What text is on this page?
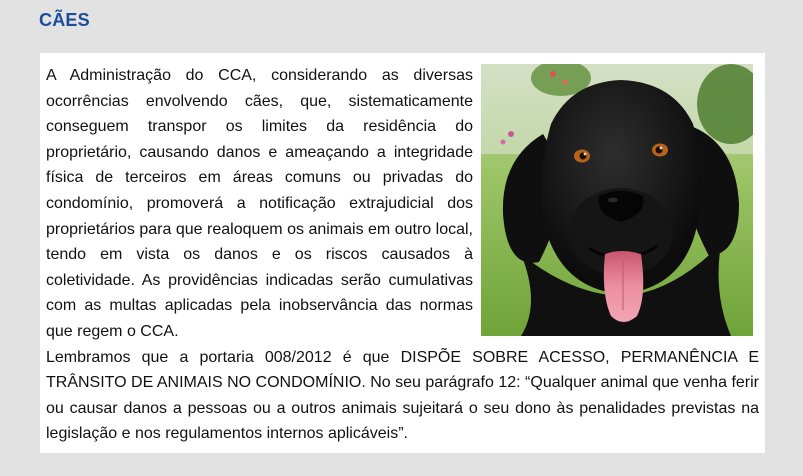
CÃES

A Administração do CCA, considerando as diversas ocorrências envolvendo cães, que, sistematicamente conseguem transpor os limites da residência do proprietário, causando danos e ameaçando a integridade física de terceiros em áreas comuns ou privadas do condomínio, promoverá a notificação extrajudicial dos proprietários para que realoquem os animais em outro local, tendo em vista os danos e os riscos causados à coletividade. As providências indicadas serão cumulativas com as multas aplicadas pela inobservância das normas que regem o CCA.

Lembramos que a portaria 008/2012 é que DISPÕE SOBRE ACESSO, PERMANÊNCIA E TRÂNSITO DE ANIMAIS NO CONDOMÍNIO. No seu parágrafo 12: “Qualquer animal que venha ferir ou causar danos a pessoas ou a outros animais sujeitará o seu dono às penalidades previstas na legislação e nos regulamentos internos aplicáveis”.
